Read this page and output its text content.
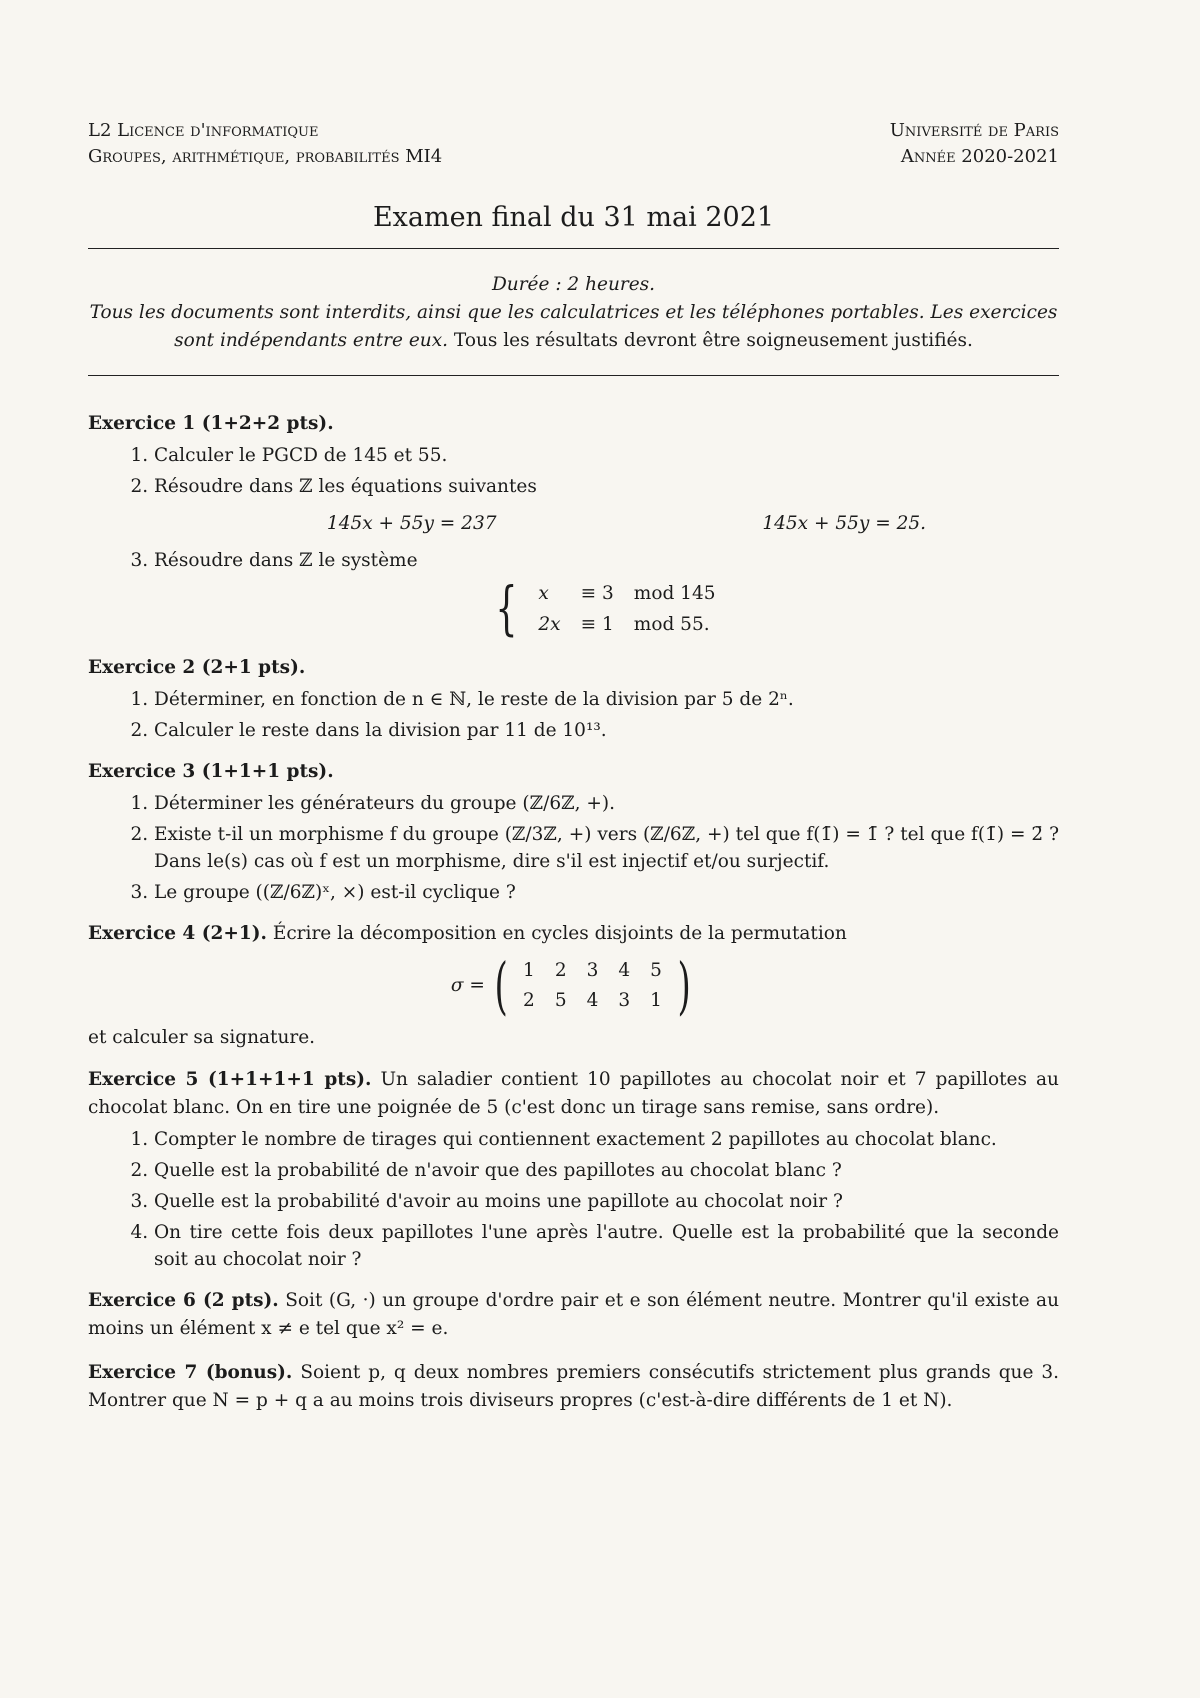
L2 Licence d'informatique
Groupes, arithmétique, probabilités MI4
Université de Paris
Année 2020-2021
Examen final du 31 mai 2021
Durée : 2 heures.
Tous les documents sont interdits, ainsi que les calculatrices et les téléphones portables. Les exercices sont indépendants entre eux. Tous les résultats devront être soigneusement justifiés.
Exercice 1 (1+2+2 pts).
1. Calculer le PGCD de 145 et 55.
2. Résoudre dans ℤ les équations suivantes
145x + 55y = 237	145x + 55y = 25.
3. Résoudre dans ℤ le système
{ x	≡ 3	mod 145
2x	≡ 1	mod 55.
Exercice 2 (2+1 pts).
1. Déterminer, en fonction de n ∈ ℕ, le reste de la division par 5 de 2ⁿ.
2. Calculer le reste dans la division par 11 de 10¹³.
Exercice 3 (1+1+1 pts).
1. Déterminer les générateurs du groupe (ℤ/6ℤ, +).
2. Existe t-il un morphisme f du groupe (ℤ/3ℤ, +) vers (ℤ/6ℤ, +) tel que f(1̄) = 1̄ ? tel que f(1̄) = 2̄ ? Dans le(s) cas où f est un morphisme, dire s'il est injectif et/ou surjectif.
3. Le groupe ((ℤ/6ℤ)ˣ, ×) est-il cyclique ?
Exercice 4 (2+1). Écrire la décomposition en cycles disjoints de la permutation
σ = ( 1	2	3	4	5
2	5	4	3	1 )
et calculer sa signature.
Exercice 5 (1+1+1+1 pts). Un saladier contient 10 papillotes au chocolat noir et 7 papillotes au chocolat blanc. On en tire une poignée de 5 (c'est donc un tirage sans remise, sans ordre).
1. Compter le nombre de tirages qui contiennent exactement 2 papillotes au chocolat blanc.
2. Quelle est la probabilité de n'avoir que des papillotes au chocolat blanc ?
3. Quelle est la probabilité d'avoir au moins une papillote au chocolat noir ?
4. On tire cette fois deux papillotes l'une après l'autre. Quelle est la probabilité que la seconde soit au chocolat noir ?
Exercice 6 (2 pts). Soit (G, ·) un groupe d'ordre pair et e son élément neutre. Montrer qu'il existe au moins un élément x ≠ e tel que x² = e.
Exercice 7 (bonus). Soient p, q deux nombres premiers consécutifs strictement plus grands que 3. Montrer que N = p + q a au moins trois diviseurs propres (c'est-à-dire différents de 1 et N).
